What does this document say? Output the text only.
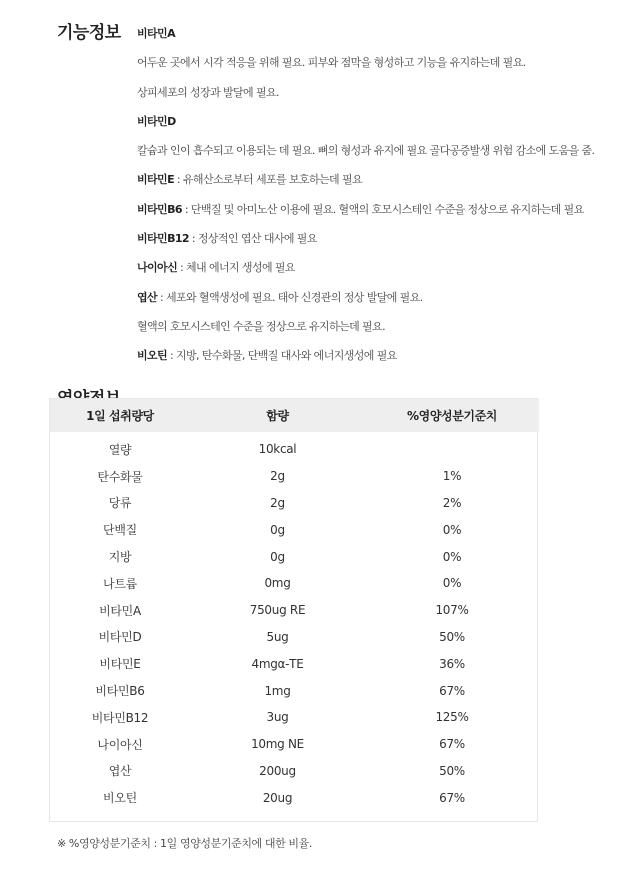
기능정보 비타민A
어두운 곳에서 시각 적응을 위해 필요. 피부와 점막을 형성하고 기능을 유지하는데 필요.
상피세포의 성장과 발달에 필요.
비타민D
칼슘과 인이 흡수되고 이용되는 데 필요. 뼈의 형성과 유지에 필요 골다공증발생 위험 감소에 도움을 줌.
비타민E : 유해산소로부터 세포를 보호하는데 필요
비타민B6 : 단백질 및 아미노산 이용에 필요. 혈액의 호모시스테인 수준을 정상으로 유지하는데 필요
비타민B12 : 정상적인 엽산 대사에 필요
나이아신 : 체내 에너지 생성에 필요
엽산 : 세포와 혈액생성에 필요. 태아 신경관의 정상 발달에 필요.
혈액의 호모시스테인 수준을 정상으로 유지하는데 필요.
비오틴 : 지방, 탄수화물, 단백질 대사와 에너지생성에 필요
1일 섭취량당	함량	%영양성분기준치
열량	10kcal	
탄수화물	2g	1%
당류	2g	2%
단백질	0g	0%
지방	0g	0%
나트륨	0mg	0%
비타민A	750ug RE	107%
비타민D	5ug	50%
비타민E	4mgα-TE	36%
비타민B6	1mg	67%
비타민B12	3ug	125%
나이아신	10mg NE	67%
엽산	200ug	50%
비오틴	20ug	67%
※ %영양성분기준치 : 1일 영양성분기준치에 대한 비율.
